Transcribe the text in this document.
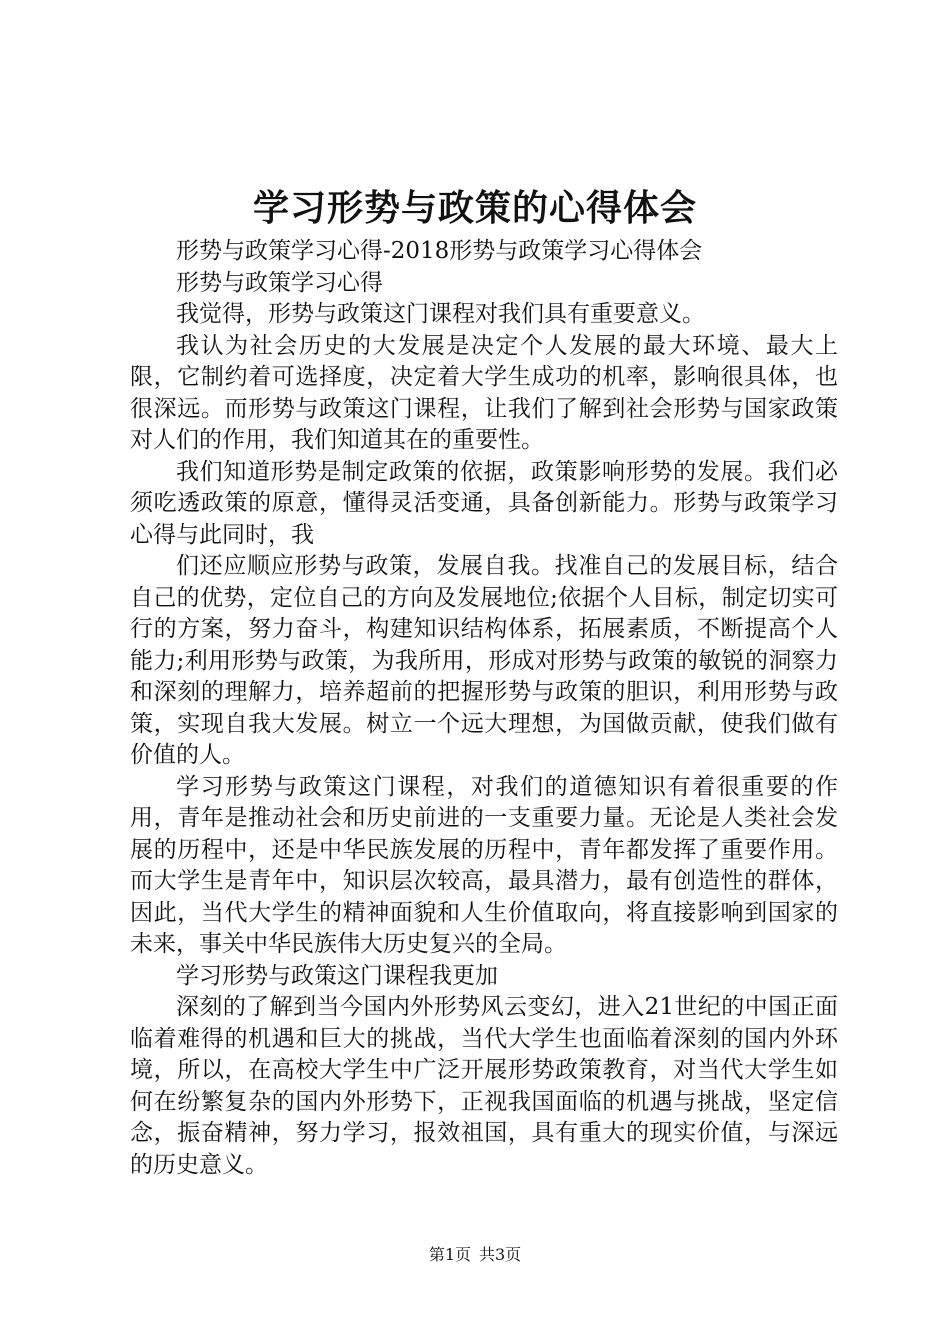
学习形势与政策的心得体会

形势与政策学习心得-2018形势与政策学习心得体会

形势与政策学习心得

我觉得，形势与政策这门课程对我们具有重要意义。

我认为社会历史的大发展是决定个人发展的最大环境、最大上限，它制约着可选择度，决定着大学生成功的机率，影响很具体，也很深远。而形势与政策这门课程，让我们了解到社会形势与国家政策对人们的作用，我们知道其在的重要性。

我们知道形势是制定政策的依据，政策影响形势的发展。我们必须吃透政策的原意，懂得灵活变通，具备创新能力。形势与政策学习心得与此同时，我

们还应顺应形势与政策，发展自我。找准自己的发展目标，结合自己的优势，定位自己的方向及发展地位;依据个人目标，制定切实可行的方案，努力奋斗，构建知识结构体系，拓展素质，不断提高个人能力;利用形势与政策，为我所用，形成对形势与政策的敏锐的洞察力和深刻的理解力，培养超前的把握形势与政策的胆识，利用形势与政策，实现自我大发展。树立一个远大理想，为国做贡献，使我们做有价值的人。

学习形势与政策这门课程，对我们的道德知识有着很重要的作用，青年是推动社会和历史前进的一支重要力量。无论是人类社会发展的历程中，还是中华民族发展的历程中，青年都发挥了重要作用。而大学生是青年中，知识层次较高，最具潜力，最有创造性的群体，因此，当代大学生的精神面貌和人生价值取向，将直接影响到国家的未来，事关中华民族伟大历史复兴的全局。

学习形势与政策这门课程我更加

深刻的了解到当今国内外形势风云变幻，进入21世纪的中国正面临着难得的机遇和巨大的挑战，当代大学生也面临着深刻的国内外环境，所以，在高校大学生中广泛开展形势政策教育，对当代大学生如何在纷繁复杂的国内外形势下，正视我国面临的机遇与挑战，坚定信念，振奋精神，努力学习，报效祖国，具有重大的现实价值，与深远的历史意义。

第1页 共3页
